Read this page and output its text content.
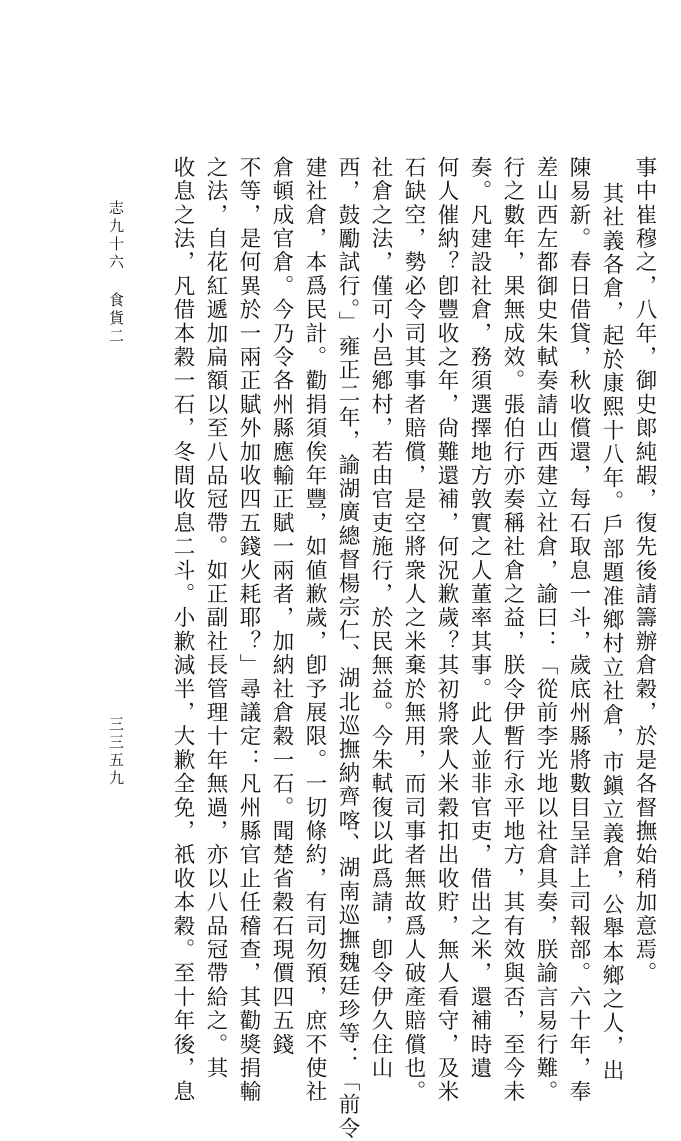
事中崔穆之，八年，御史郞純嘏，復先後請籌辦倉穀，於是各督撫始稍加意焉。
其社義各倉，起於康熙十八年。戶部題准鄉村立社倉，市鎭立義倉，公舉本鄉之人，出
陳易新。春日借貸，秋收償還，每石取息一斗，歲底州縣將數目呈詳上司報部。六十年，奉
差山西左都御史朱軾奏請山西建立社倉，諭曰：「從前李光地以社倉具奏，朕諭言易行難。
行之數年，果無成效。張伯行亦奏稱社倉之益，朕令伊暫行永平地方，其有效與否，至今未
奏。凡建設社倉，務須選擇地方敦實之人董率其事。此人並非官吏，借出之米，還補時遺
何人催納？卽豐收之年，尙難還補，何況歉歲？其初將衆人米穀扣出收貯，無人看守，及米
石缺空，勢必令司其事者賠償，是空將衆人之米棄於無用，而司事者無故爲人破產賠償也。
社倉之法，僅可小邑鄕村，若由官吏施行，於民無益。今朱軾復以此爲請，卽令伊久住山
西，鼓勵試行。」雍正二年，諭湖廣總督楊宗仁、湖北巡撫納齊喀、湖南巡撫魏廷珍等：「前令
建社倉，本爲民計。勸捐須俟年豐，如値歉歲，卽予展限。一切條約，有司勿預，庶不使社
倉頓成官倉。今乃令各州縣應輸正賦一兩者，加納社倉穀一石。聞楚省穀石現價四五錢
不等，是何異於一兩正賦外加收四五錢火耗耶？」尋議定：凡州縣官止任稽查，其勸獎捐輸
之法，自花紅遞加扁額以至八品冠帶。如正副社長管理十年無過，亦以八品冠帶給之。其
收息之法，凡借本穀一石，冬間收息二斗。小歉減半，大歉全免，祇收本穀。至十年後，息
志九十六
食貨二
三三五九
